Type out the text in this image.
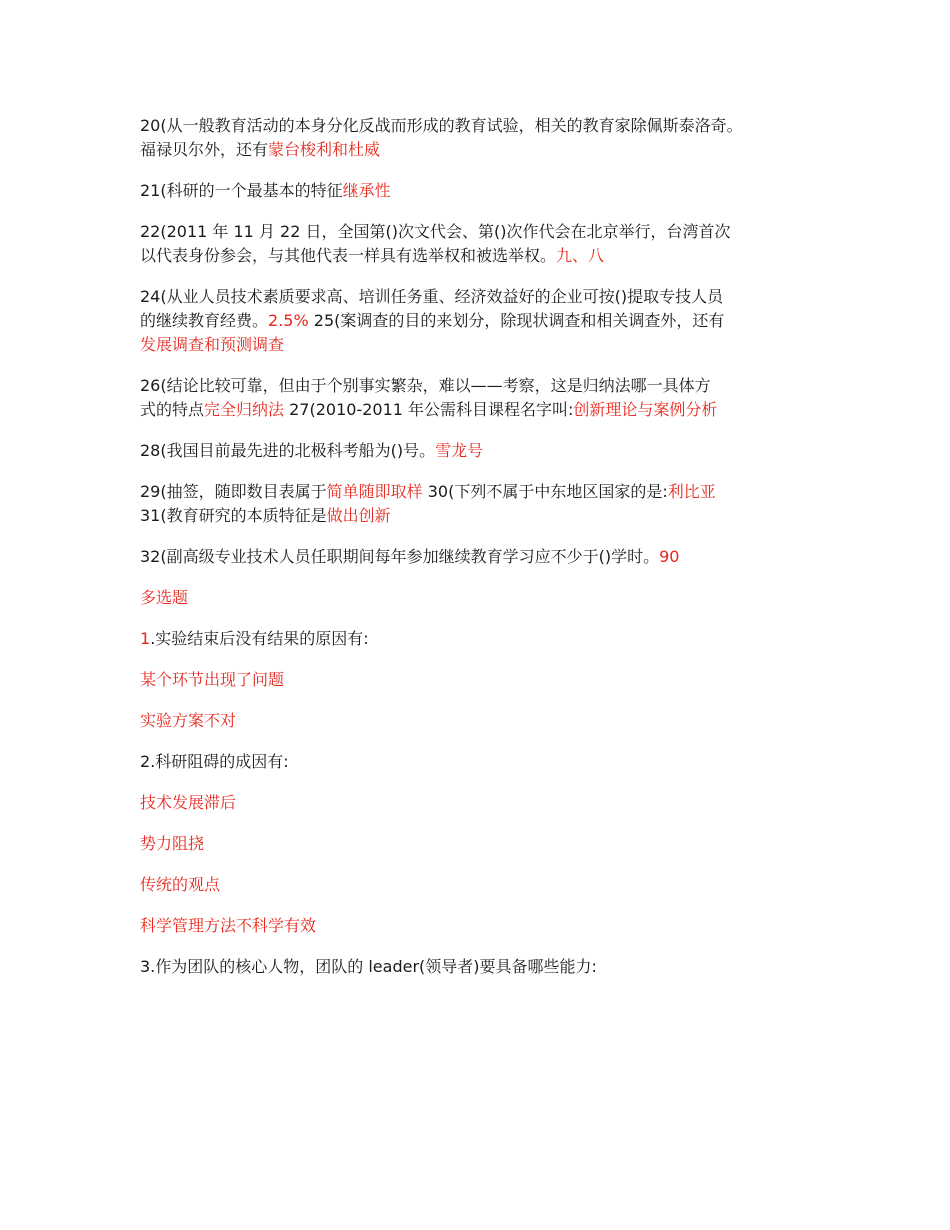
20(从一般教育活动的本身分化反战而形成的教育试验，相关的教育家除佩斯泰洛奇。
福禄贝尔外，还有蒙台梭利和杜威
21(科研的一个最基本的特征继承性
22(2011 年 11 月 22 日，全国第()次文代会、第()次作代会在北京举行，台湾首次
以代表身份参会，与其他代表一样具有选举权和被选举权。九、八
24(从业人员技术素质要求高、培训任务重、经济效益好的企业可按()提取专技人员
的继续教育经费。2.5% 25(案调查的目的来划分，除现状调查和相关调查外，还有
发展调查和预测调查
26(结论比较可靠，但由于个别事实繁杂，难以——考察，这是归纳法哪一具体方
式的特点完全归纳法 27(2010-2011 年公需科目课程名字叫:创新理论与案例分析
28(我国目前最先进的北极科考船为()号。雪龙号
29(抽签，随即数目表属于简单随即取样 30(下列不属于中东地区国家的是:利比亚
31(教育研究的本质特征是做出创新
32(副高级专业技术人员任职期间每年参加继续教育学习应不少于()学时。90
多选题
1.实验结束后没有结果的原因有:
某个环节出现了问题
实验方案不对
2.科研阻碍的成因有:
技术发展滞后
势力阻挠
传统的观点
科学管理方法不科学有效
3.作为团队的核心人物，团队的 leader(领导者)要具备哪些能力:
